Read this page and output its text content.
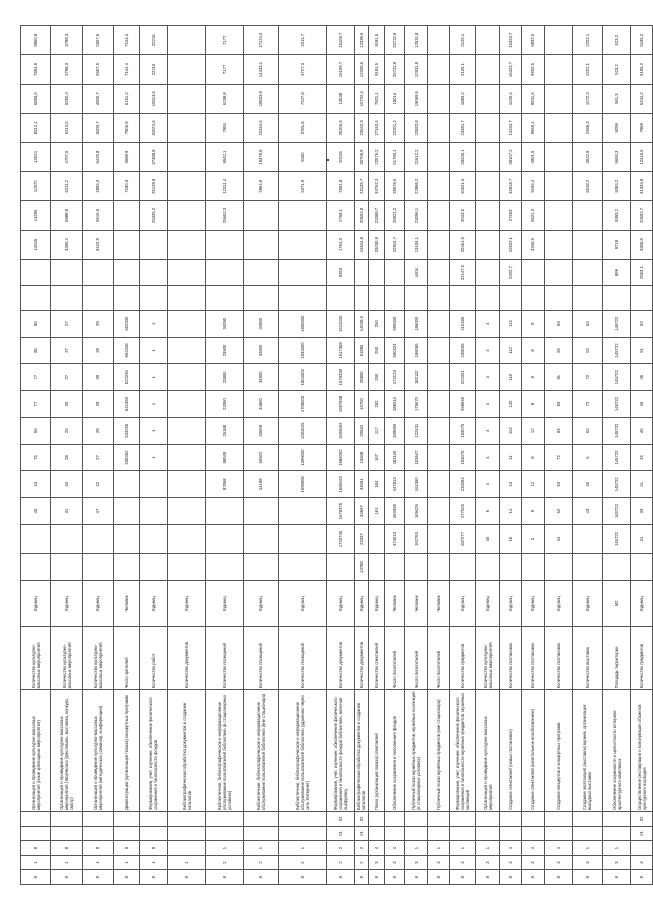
8	1	8			Организация и проведение культурно-массовых мероприятий (иные зрелищные мероприятия)	Количество культурно-массовых мероприятий	Единиц			40	43	75	55	77	77	80	80			14045	14295	12572	14024	8312,1	6893,5	7854,9	9850,9
8	1	8			Организация и проведение культурно-массовых мероприятий (творческих (фестиваль, выставка, конкурс, смотр)	Количество культурно-массовых мероприятий	Единиц			31	40	28	25	26	27	27	27			3355,4	6888,9	6211,2	4707,6	6214,0	5292,3	3798,3	3798,3
8	1	8			Организация и проведение культурно-массовых мероприятий (методических (семинар, конференция)	Количество культурно-массовых мероприятий	Единиц			47	42	27	28	29	29	29	29			3442,9	5615,9	4855,3	6429,8	5000,7	4900,7	5507,5	5507,5
8	1	9			Демонстрация (организация показа) концертных программ	Число зрителей	Человек					639462	533256	641393	622246	652348	652330					7190,3	3589,9	7905,9	6161,2	7144,4	7144,4
8	1	9			Формирование, учет, изучение, обеспечение физического сохранения и безопасности фондов	Количество работ	Единиц					1	1	1	1	1	1				25335,2	25128,8	37388,8	34974,6	19313,5	22215	22215
8	1				Библиографическая обработка документов и создание каталогов	Количество документов	Единиц																				
8	2	1			Библиотечное, библиографическое и информационное обслуживание пользователей библиотеки (в стационарных условиях)	Количество посещений	Единиц				87868	88549	26188	23350	23850	23900	34090				25652,3	12311,4	9542,1	7955	6258,8	7177	7177
8	2	1			Библиотечное, библиографическое и информационное обслуживание пользователей библиотеки (вне стационара)	Количество посещений	Единиц				44198	60602	40659	34800	34800	34800	34900					2864,9	19379,8	22464,6	18933,9	14433,1	17124,5
8	2	1			Библиотечное, библиографическое и информационное обслуживание пользователей библиотеки (удаленно через сеть Интернет)	Количество посещений	Единиц				1599000	1399000	1304625	1708000	1804000	1833000	1900000					5371,9	9450	3781,8	7227,8	3727,3	2014,7
8	2	2	01	02	Формирование, учет, изучение, обеспечение физического сохранения и безопасности фондов библиотеки, включая оцифровку	Количество документов	Единиц		1725745	1679375	1668163	1688262	1500662	1697938	1678338	1617368	1612040		8263	1764,3	2758,1	2591,8	20105	35206,6	13538	15109,7	15109,7
8	2	2	01	02	Библиографическая обработка документов и создание каталогов	Количество документов	Единиц	13780	23337	34697	34691	15848	20640	16700	29800	51890	14628,3			16644,8	20652,8	23135,7	30769,9	23642,9	10722,4	12339,6	12339,6
8	3	4			Показ (организация показа) спектаклей	Количество спектаклей	Единиц			161	184	167	117	252	250	250	250			33030,9	23389,7	33762,3	22076,2	27163,4	7921,1	9191,5	9191,5
8	3	4			Обеспечение сохранения и пополнения фондов	Число посетителей	Человек		473013	464935	447813	481140	349950	488414	472123	590424	595000			42915,7	25921,2	28578,6	51790,1	22201,4	18014	20722,9	20722,9
8	3	1			Публичный показ музейных предметов, музейных коллекций (в стационарных условиях)	Число посетителей	Человек		162763	169426	161360	103647	122431	179470	182112	186085	186000		4404	13106,1	23096,1	22896,2	21612,2	22832,8	19069,5	12531,8	12531,8
8	3	1			Публичный показ музейных предметов (вне стационара)	Число посетителей	Человек																				
8	3	1			Формирование, учет, изучение, обеспечение физического сохранения и безопасности музейных предметов, музейных коллекций	Количество предметов	Единиц		287277	277026	233092	193075	193075	298645	222451	239035	215185		22147,5	20461,5	2043,5	20041,5	28435,1	23481,7	1883,2	2125,1	2125,1
8	3	1			Организация и проведение культурно-массовых мероприятий	Количество культурно-массовых мероприятий	Единиц		45	6	4	4	4	4	4	4	4										
8	3	4			Создание спектаклей (новых постановок)	Количество постановок	Единиц		16	14	13	11	113	120	110	112	113		2202,7	10522,1	27493	34918,7	38107,2	14234,7	1025,4	16323,7	16323,7
8	3	4			Создание спектаклей (капитальное возобновление)	Количество постановок	Единиц		3	9	12	8	12	8	9	8	9			3346,9	6521,3	9156,4	4901,5	9569,1	9931,5	9932,5	9932,5
8	3	4			Создание концертов и концертных программ	Количество постановок	Единиц		44	52	93	72	93	93	91	92	93										
8	3	1			Создание экспозиций (выставок) музеев, организация выездных выставок	Количество выставок	Единиц			43	45	6	62	72	72	62	63					6018,2	3622,9	2486,3	1072,3	2222,1	2222,1
8	3	1			Обеспечение сохранности и целостности историко-архитектурного комплекса	Площадь территории	М2		145722	145722	145722	145722	145722	145722	145722	145722	145722		899	9718	9393,2	9393,2	5693,3	9299	561,3	523,2	523,2
8	3		01	02	Осуществление реставрации и консервации объектов культурного наследия	Количество предметов	Единиц		31	33	41	45	45	45	45	51	52		2553,1	3306,8	22652,7	31334,8	12415,5	7968	6244,2	5195,2	5195,2
